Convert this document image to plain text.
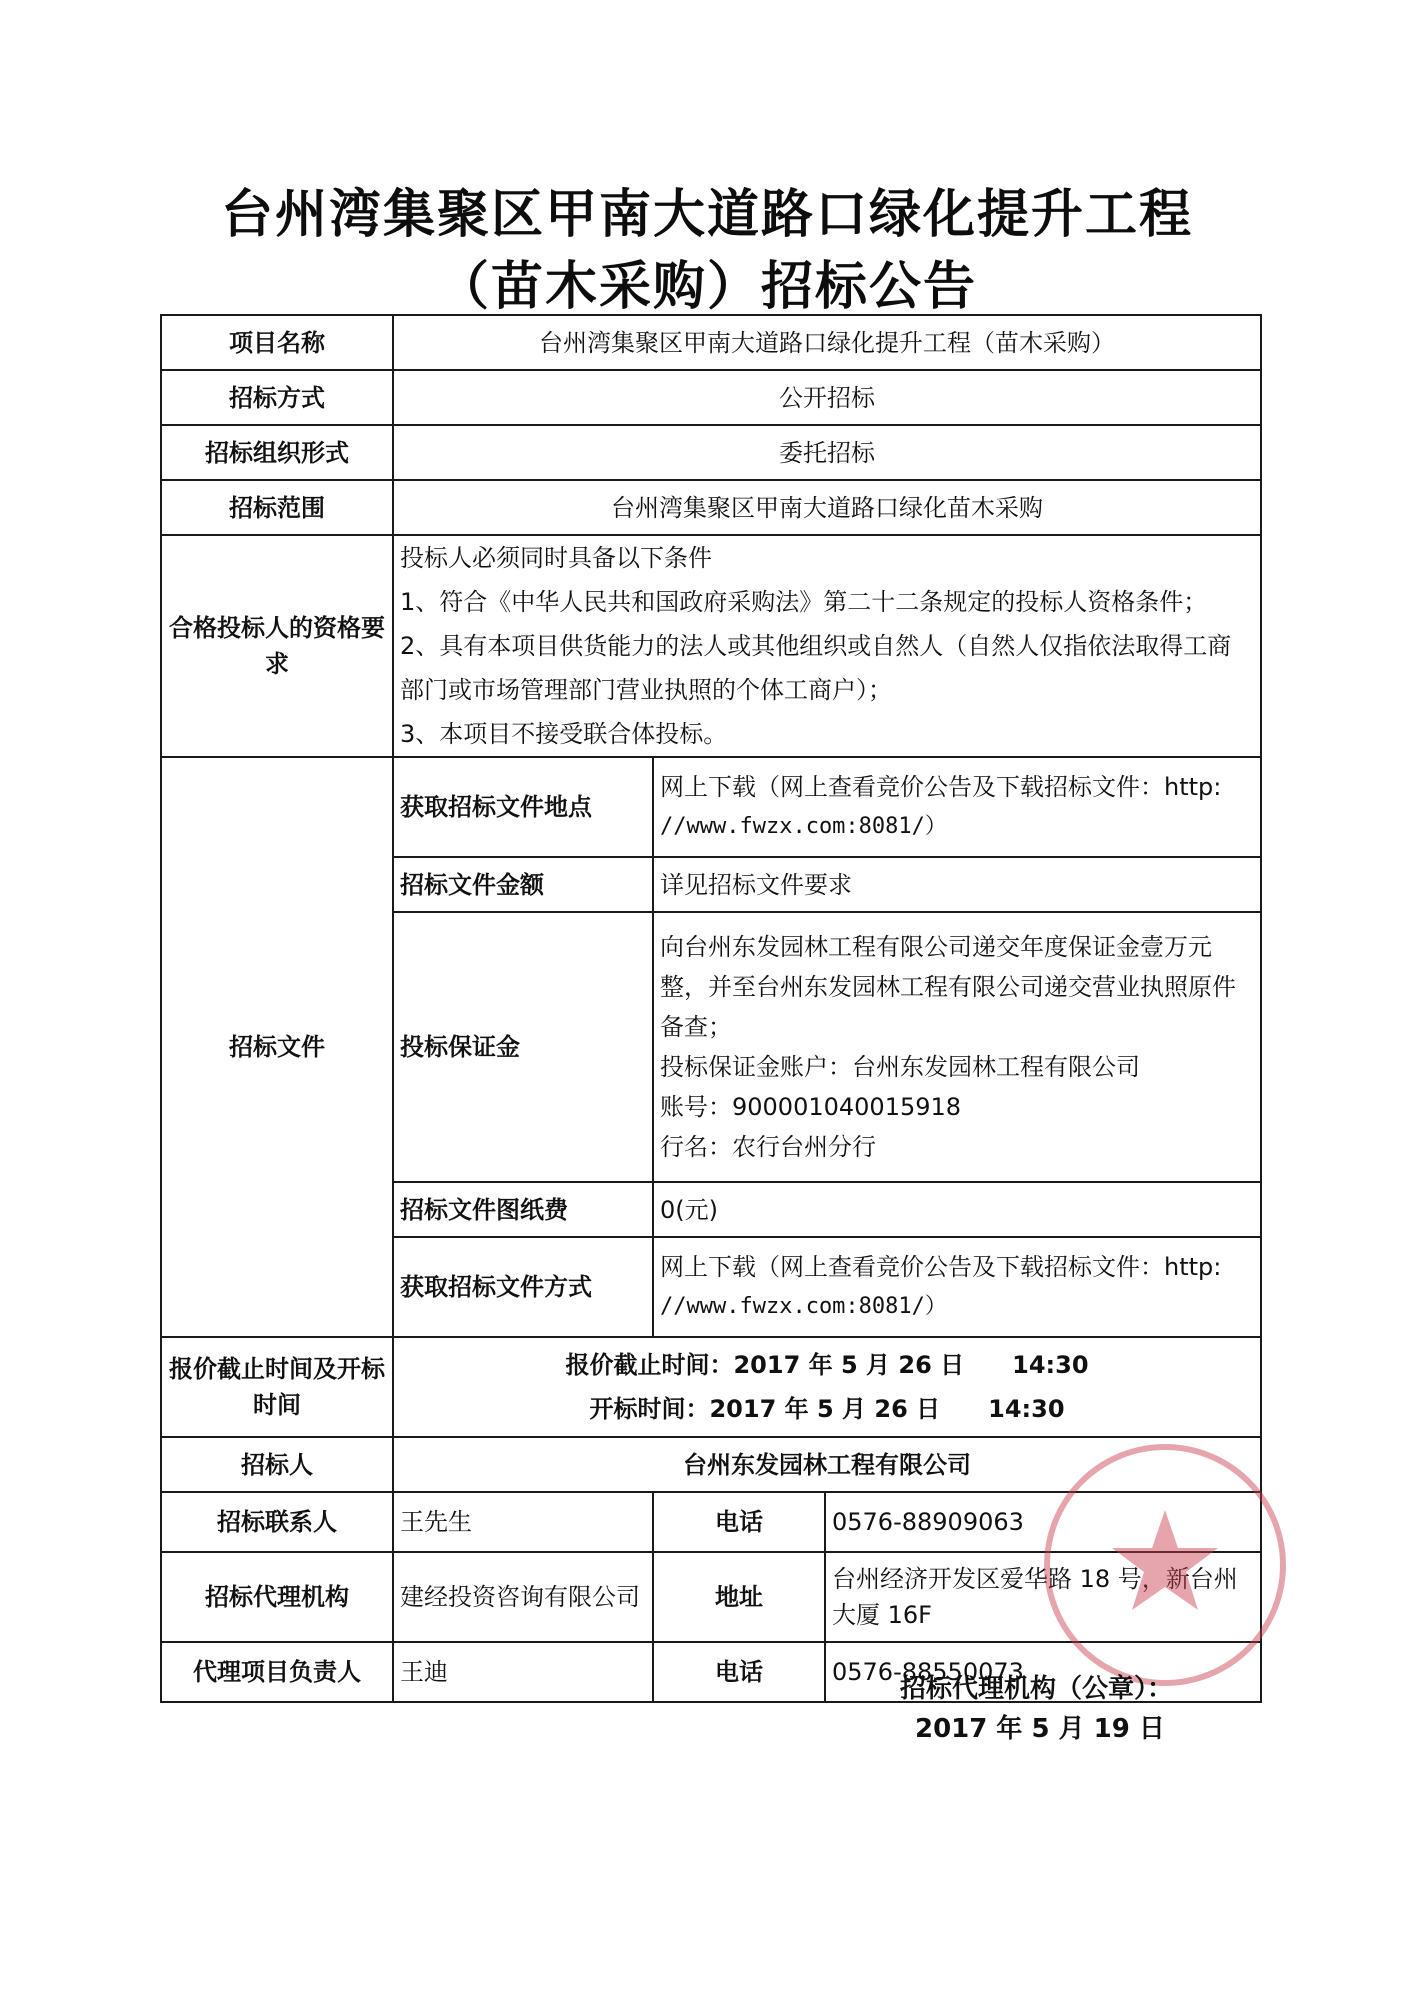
台州湾集聚区甲南大道路口绿化提升工程
（苗木采购）招标公告
项目名称	台州湾集聚区甲南大道路口绿化提升工程（苗木采购）		
招标方式	公开招标		
招标组织形式	委托招标		
招标范围	台州湾集聚区甲南大道路口绿化苗木采购		
合格投标人的资格要求	投标人必须同时具备以下条件
1、符合《中华人民共和国政府采购法》第二十二条规定的投标人资格条件；
2、具有本项目供货能力的法人或其他组织或自然人（自然人仅指依法取得工商部门或市场管理部门营业执照的个体工商户）；
3、本项目不接受联合体投标。		

招标文件	获取招标文件地点	网上下载（网上查看竞价公告及下载招标文件：http:
//www.fwzx.com:8081/）	

	招标文件金额	详见招标文件要求	
	投标保证金	向台州东发园林工程有限公司递交年度保证金壹万元整，并至台州东发园林工程有限公司递交营业执照原件备查；
投标保证金账户：台州东发园林工程有限公司
账号：900001040015918
行名：农行台州分行	

	招标文件图纸费	0(元)	
	获取招标文件方式	网上下载（网上查看竞价公告及下载招标文件：http:
//www.fwzx.com:8081/）	

报价截止时间及开标时间	报价截止时间：2017 年 5 月 26 日　　14:30
开标时间：2017 年 5 月 26 日　　14:30		

招标人	台州东发园林工程有限公司		
招标联系人	王先生	电话	0576-88909063
招标代理机构	建经投资咨询有限公司	地址	台州经济开发区爱华路 18 号，新台州大厦 16F
代理项目负责人	王迪	电话	0576-88550073
招标代理机构（公章）：
2017 年 5 月 19 日
